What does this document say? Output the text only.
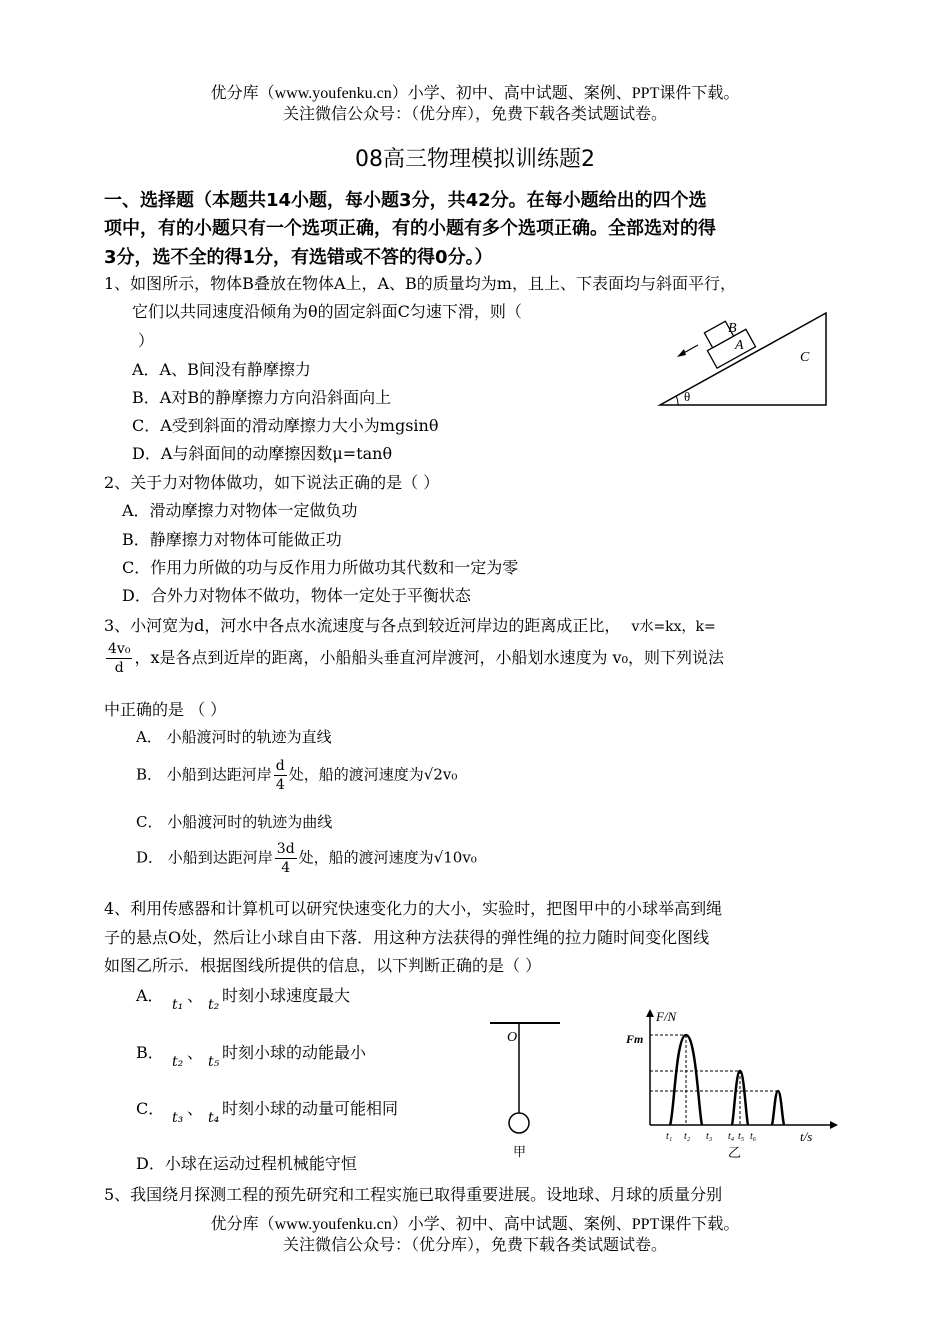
优分库（www.youfenku.cn）小学、初中、高中试题、案例、PPT课件下载。
关注微信公众号：（优分库），免费下载各类试题试卷。
08高三物理模拟训练题2
一、选择题（本题共14小题，每小题3分，共42分。在每小题给出的四个选
项中，有的小题只有一个选项正确，有的小题有多个选项正确。全部选对的得
3分，选不全的得1分，有选错或不答的得0分。）
1、如图所示，物体B叠放在物体A上，A、B的质量均为m，且上、下表面均与斜面平行，
它们以共同速度沿倾角为θ的固定斜面C匀速下滑，则（
）
A．A、B间没有静摩擦力
B．A对B的静摩擦力方向沿斜面向上
C．A受到斜面的滑动摩擦力大小为mgsinθ
D．A与斜面间的动摩擦因数μ=tanθ
B
A
C
θ
2、关于力对物体做功，如下说法正确的是（ ）
A．滑动摩擦力对物体一定做负功
B．静摩擦力对物体可能做正功
C．作用力所做的功与反作用力所做功其代数和一定为零
D．合外力对物体不做功，物体一定处于平衡状态
3、小河宽为d，河水中各点水流速度与各点到较近河岸边的距离成正比， v水=kx，k=
$\frac{\text{4v₀}}{d}$ ，x是各点到近岸的距离，小船船头垂直河岸渡河，小船划水速度为 v₀，则下列说法
中正确的是 （ ）
A． 小船渡河时的轨迹为直线
B． 小船到达距河岸 $\frac{d}{4}$ 处，船的渡河速度为√2v₀
C． 小船渡河时的轨迹为曲线
D． 小船到达距河岸 $\frac{3d}{4}$ 处，船的渡河速度为√10v₀
4、利用传感器和计算机可以研究快速变化力的大小，实验时，把图甲中的小球举高到绳
子的悬点O处，然后让小球自由下落．用这种方法获得的弹性绳的拉力随时间变化图线
如图乙所示．根据图线所提供的信息，以下判断正确的是（ ）
A． 、 时刻小球速度最大
t₁ t₂
B． 、 时刻小球的动能最小
t₂ t₅
C． 、 时刻小球的动量可能相同
t₃ t₄
D．小球在运动过程机械能守恒
O
甲
F/N
Fm
t/s
t₁ t₂ t₃ t₄ t₅ t₆
乙
5、我国绕月探测工程的预先研究和工程实施已取得重要进展。设地球、月球的质量分别
优分库（www.youfenku.cn）小学、初中、高中试题、案例、PPT课件下载。
关注微信公众号：（优分库），免费下载各类试题试卷。
